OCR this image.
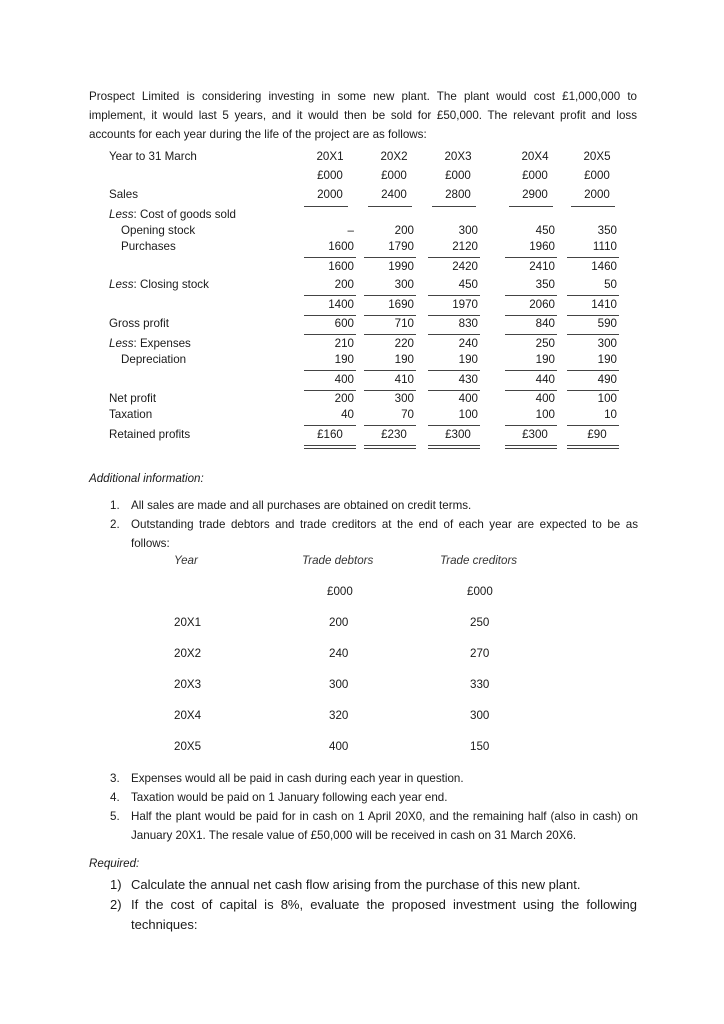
Prospect Limited is considering investing in some new plant. The plant would cost £1,000,000 to implement, it would last 5 years, and it would then be sold for £50,000. The relevant profit and loss accounts for each year during the life of the project are as follows:
Year to 31 March	20X1	20X2	20X3	20X4	20X5
£000	£000	£000	£000	£000
Sales	2000	2400	2800	2900	2000
Less: Cost of goods sold
Opening stock	–	200	300	450	350
Purchases	1600	1790	2120	1960	1110
1600	1990	2420	2410	1460
Less: Closing stock	200	300	450	350	50
1400	1690	1970	2060	1410
Gross profit	600	710	830	840	590
Less: Expenses	210	220	240	250	300
Depreciation	190	190	190	190	190
400	410	430	440	490
Net profit	200	300	400	400	100
Taxation	40	70	100	100	10
Retained profits	£160	£230	£300	£300	£90
Additional information:
1. All sales are made and all purchases are obtained on credit terms.
2. Outstanding trade debtors and trade creditors at the end of each year are expected to be as follows:
Year	Trade debtors	Trade creditors
£000	£000
20X1	200	250
20X2	240	270
20X3	300	330
20X4	320	300
20X5	400	150
3. Expenses would all be paid in cash during each year in question.
4. Taxation would be paid on 1 January following each year end.
5. Half the plant would be paid for in cash on 1 April 20X0, and the remaining half (also in cash) on January 20X1. The resale value of £50,000 will be received in cash on 31 March 20X6.
Required:
1) Calculate the annual net cash flow arising from the purchase of this new plant.
2) If the cost of capital is 8%, evaluate the proposed investment using the following techniques:
